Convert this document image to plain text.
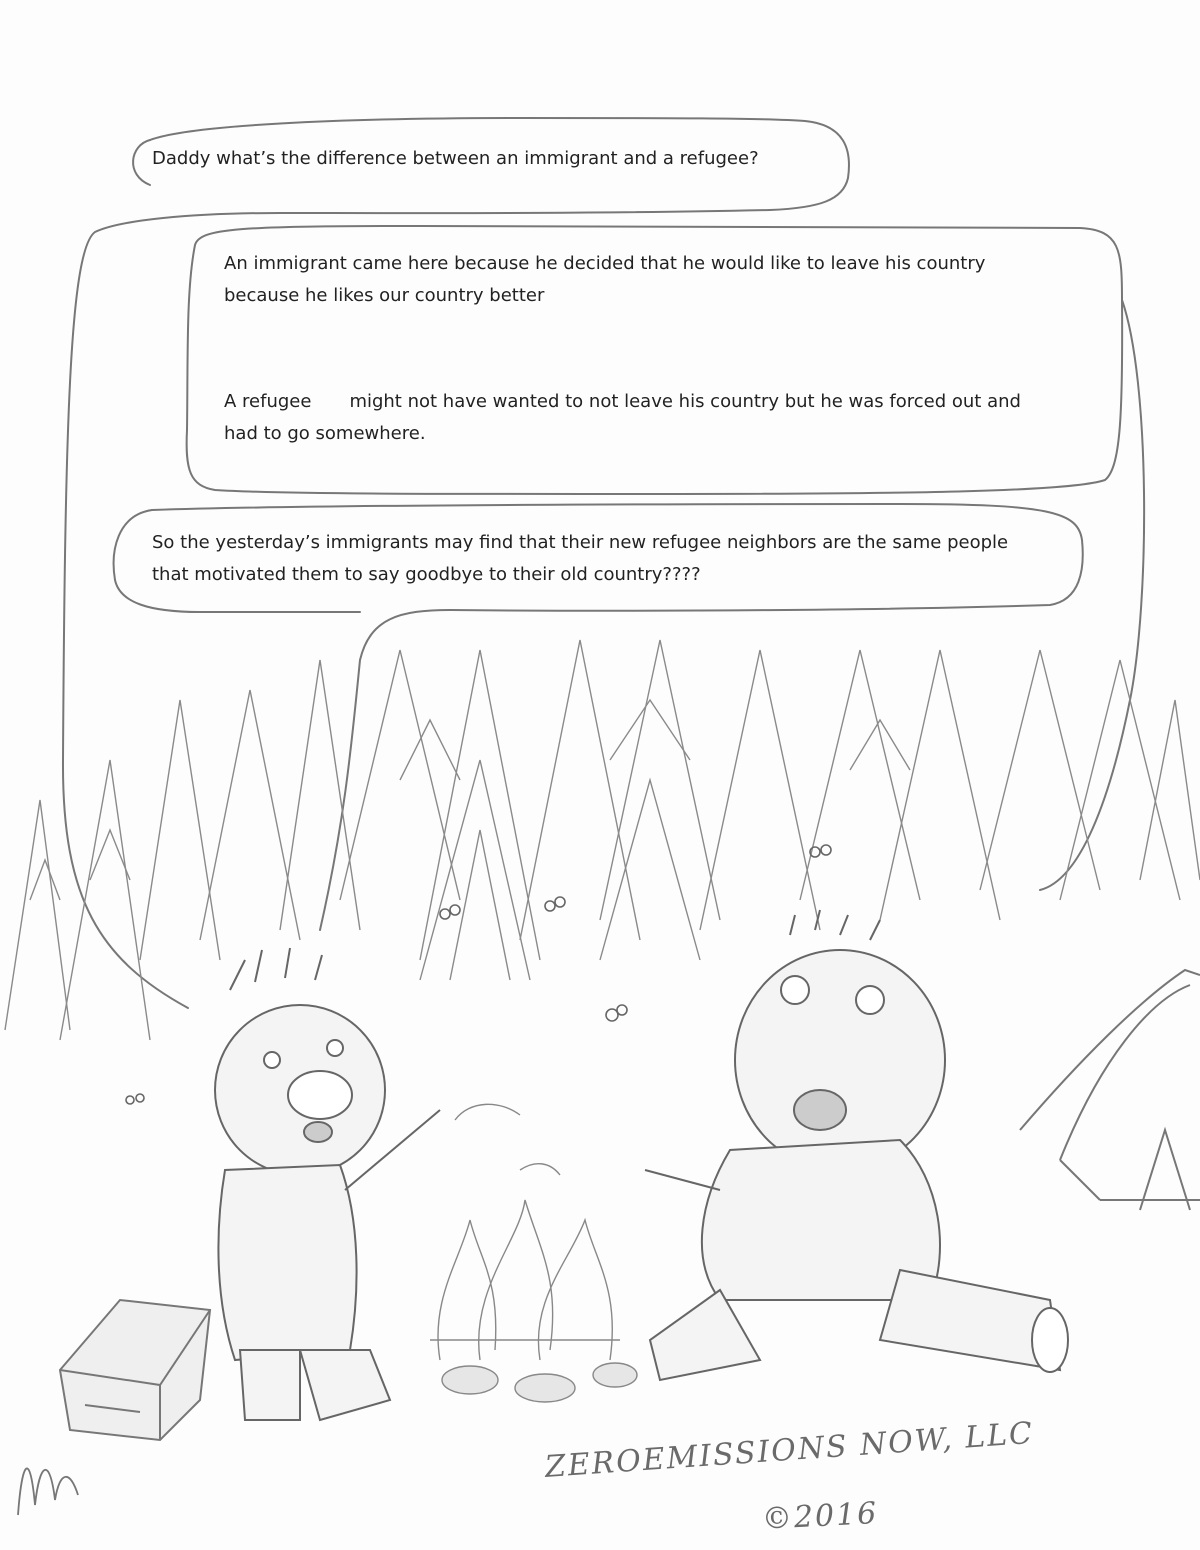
Daddy what’s the difference between an immigrant and a refugee?

An immigrant came here because he decided that he would like to leave his country
because he likes our country better

A refugee might not have wanted to not leave his country but he was forced out and
had to go somewhere.

So the yesterday’s immigrants may find that their new refugee neighbors are the same people
that motivated them to say goodbye to their old country????

ZEROEMISSIONS NOW, LLC
©2016
